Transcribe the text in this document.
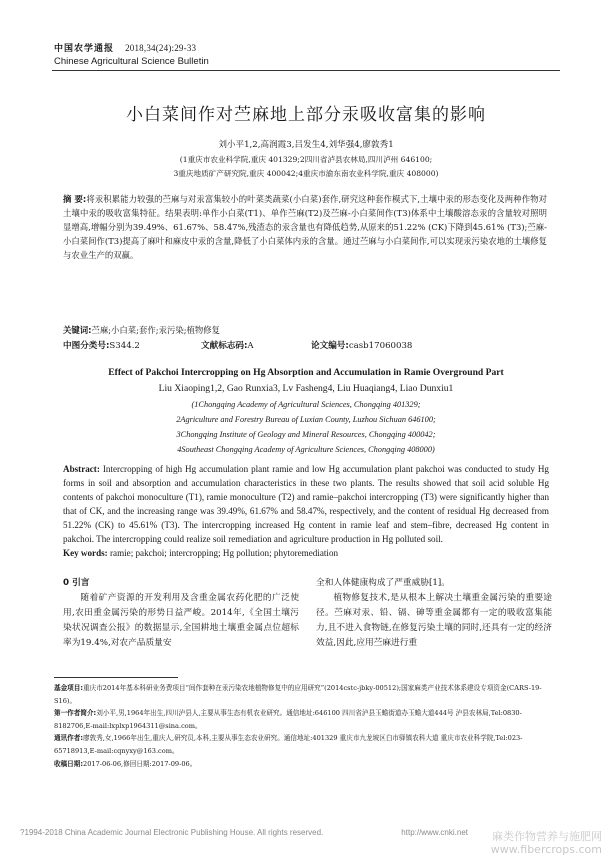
中国农学通报 2018,34(24):29-33
Chinese Agricultural Science Bulletin
小白菜间作对苎麻地上部分汞吸收富集的影响
刘小平1,2,高润霞3,吕发生4,刘华强4,廖敦秀1
(1重庆市农业科学院,重庆 401329;2四川省泸县农林局,四川泸州 646100;
3重庆地质矿产研究院,重庆 400042;4重庆市渝东南农业科学院,重庆 408000)
摘 要:将汞积累能力较强的苎麻与对汞富集较小的叶菜类蔬菜(小白菜)套作,研究这种套作模式下,土壤中汞的形态变化及两种作物对土壤中汞的吸收富集特征。结果表明:单作小白菜(T1)、单作苎麻(T2)及苎麻-小白菜间作(T3)体系中土壤酸溶态汞的含量较对照明显增高,增幅分别为39.49%、61.67%、58.47%,残渣态的汞含量也有降低趋势,从原来的51.22% (CK)下降到45.61% (T3);苎麻-小白菜间作(T3)提高了麻叶和麻皮中汞的含量,降低了小白菜体内汞的含量。通过苎麻与小白菜间作,可以实现汞污染农地的土壤修复与农业生产的双赢。
关键词:苎麻;小白菜;套作;汞污染;植物修复
中图分类号:S344.2	文献标志码:A	论文编号:casb17060038
Effect of Pakchoi Intercropping on Hg Absorption and Accumulation in Ramie Overground Part
Liu Xiaoping1,2, Gao Runxia3, Lv Fasheng4, Liu Huaqiang4, Liao Dunxiu1
(1Chongqing Academy of Agricultural Sciences, Chongqing 401329;
2Agriculture and Forestry Bureau of Luxian County, Luzhou Sichuan 646100;
3Chongqing Institute of Geology and Mineral Resources, Chongqing 400042;
4Southeast Chongqing Academy of Agriculture Sciences, Chongqing 408000)
Abstract: Intercropping of high Hg accumulation plant ramie and low Hg accumulation plant pakchoi was conducted to study Hg forms in soil and absorption and accumulation characteristics in these two plants. The results showed that soil acid soluble Hg contents of pakchoi monoculture (T1), ramie monoculture (T2) and ramie–pakchoi intercropping (T3) were significantly higher than that of CK, and the increasing range was 39.49%, 61.67% and 58.47%, respectively, and the content of residual Hg decreased from 51.22% (CK) to 45.61% (T3). The intercropping increased Hg content in ramie leaf and stem–fibre, decreased Hg content in pakchoi. The intercropping could realize soil remediation and agriculture production in Hg polluted soil.
Key words: ramie; pakchoi; intercropping; Hg pollution; phytoremediation
0 引言
随着矿产资源的开发利用及含重金属农药化肥的广泛使用,农田重金属污染的形势日益严峻。2014年,《全国土壤污染状况调查公报》的数据显示,全国耕地土壤重金属点位超标率为19.4%,对农产品质量安
全和人体健康构成了严重威胁[1]。
植物修复技术,是从根本上解决土壤重金属污染的重要途径。苎麻对汞、铅、镉、砷等重金属都有一定的吸收富集能力,且不进入食物链,在修复污染土壤的同时,还具有一定的经济效益,因此,应用苎麻进行重
基金项目:重庆市2014年基本科研业务费项目“间作套种在汞污染农地植物修复中的应用研究”(2014cstc-jbky-00512);国家麻类产业技术体系建设专项资金(CARS-19-S16)。
第一作者简介:刘小平,男,1964年出生,四川泸县人,主要从事生态有机农业研究。通信地址:646100 四川省泸县玉蟾街道办玉蟾大道444号 泸县农林局,Tel:0830-8182706,E-mail:lxplxp1964311@sina.com。
通讯作者:廖敦秀,女,1966年出生,重庆人,研究员,本科,主要从事生态农业研究。通信地址:401329 重庆市九龙坡区白市驿镇农科大道 重庆市农业科学院,Tel:023-65718913,E-mail:cqnyxy@163.com。
收稿日期:2017-06-06,修回日期:2017-09-06。
?1994-2018 China Academic Journal Electronic Publishing House. All rights reserved.	http://www.cnki.net	麻类作物营养与施肥网 www.fibercrops.com
